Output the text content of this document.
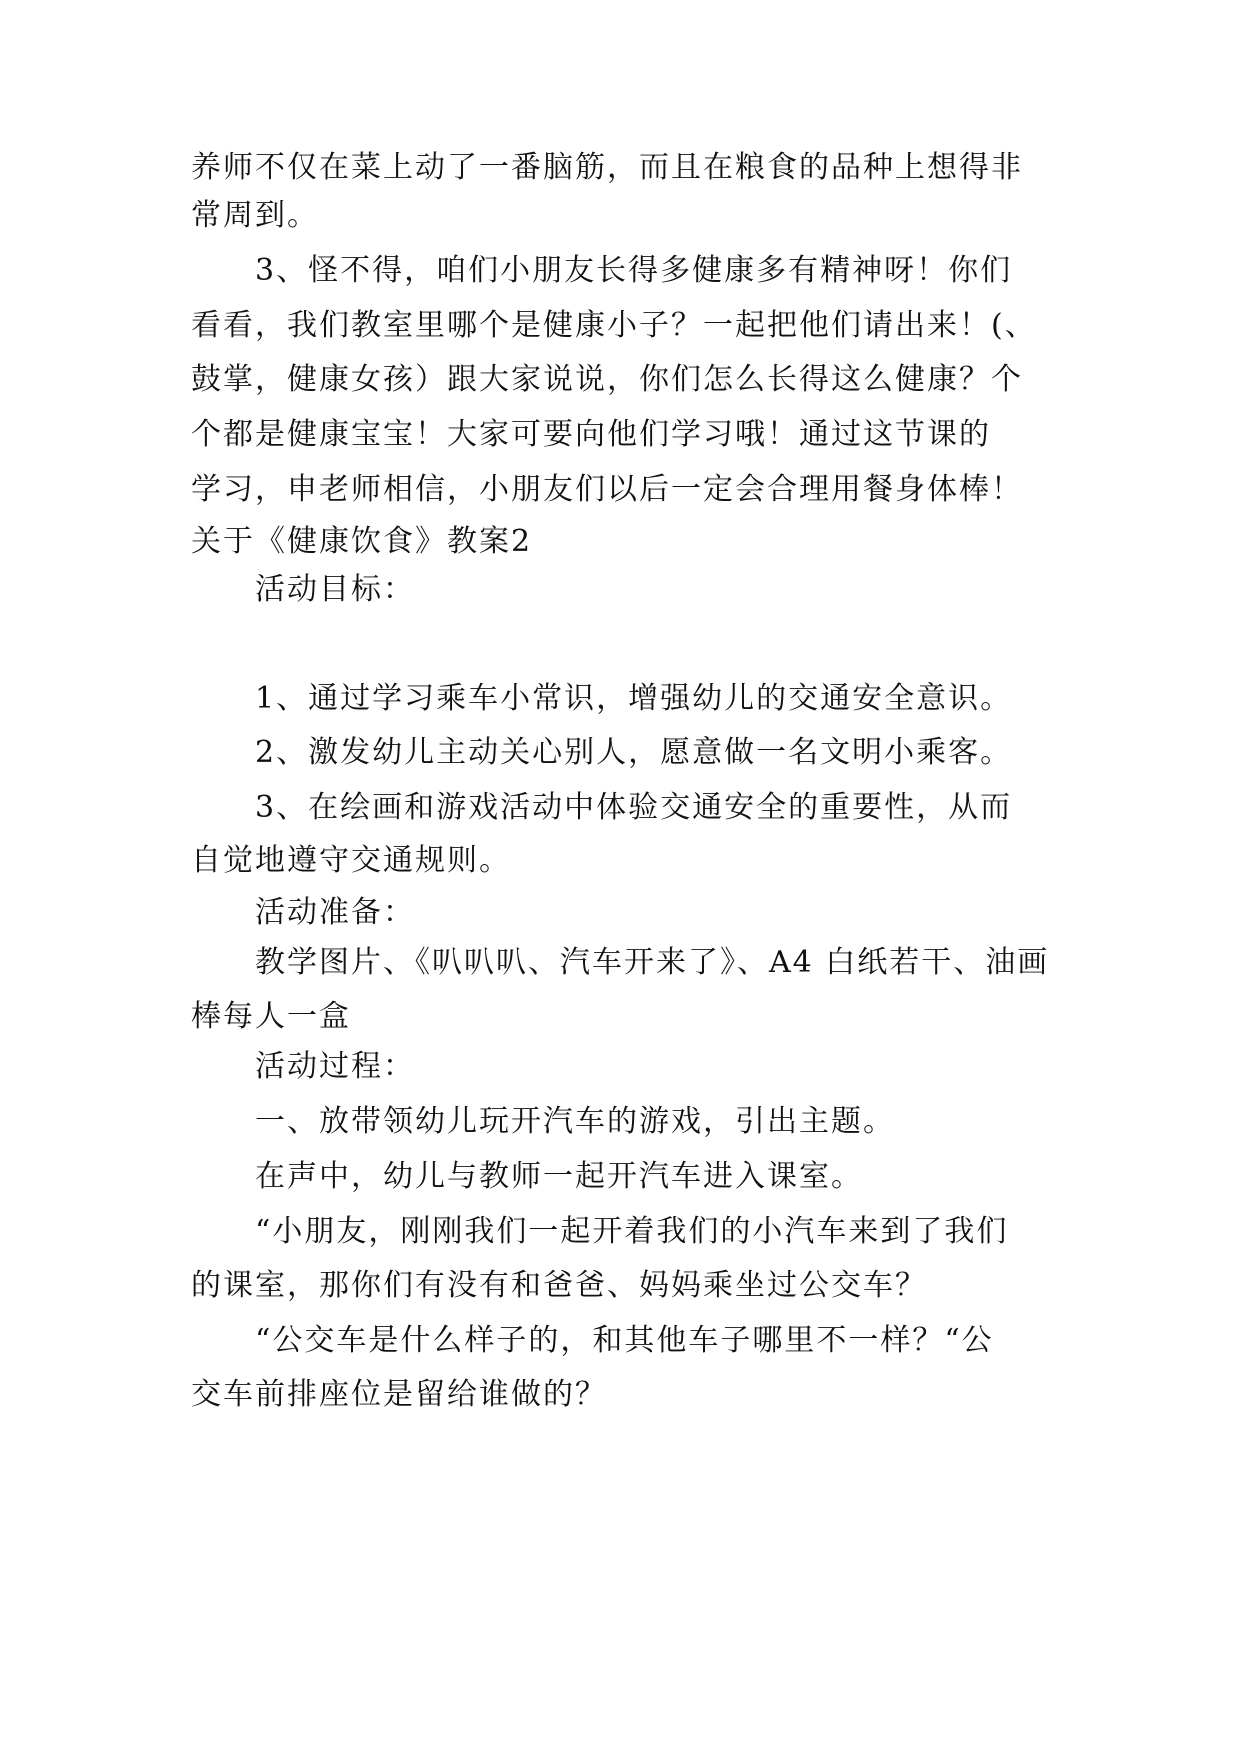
养师不仅在菜上动了一番脑筋，而且在粮食的品种上想得非
常周到。
3、怪不得，咱们小朋友长得多健康多有精神呀！你们
看看，我们教室里哪个是健康小子？一起把他们请出来！(、
鼓掌，健康女孩）跟大家说说，你们怎么长得这么健康？个
个都是健康宝宝！大家可要向他们学习哦！通过这节课的
学习，申老师相信，小朋友们以后一定会合理用餐身体棒！
关于《健康饮食》教案2
活动目标：
1、通过学习乘车小常识，增强幼儿的交通安全意识。
2、激发幼儿主动关心别人，愿意做一名文明小乘客。
3、在绘画和游戏活动中体验交通安全的重要性，从而
自觉地遵守交通规则。
活动准备：
教学图片、《叭叭叭、汽车开来了》、A4 白纸若干、油画
棒每人一盒
活动过程：
一、放带领幼儿玩开汽车的游戏，引出主题。
在声中，幼儿与教师一起开汽车进入课室。
“小朋友，刚刚我们一起开着我们的小汽车来到了我们
的课室，那你们有没有和爸爸、妈妈乘坐过公交车？
“公交车是什么样子的，和其他车子哪里不一样？“公
交车前排座位是留给谁做的？
